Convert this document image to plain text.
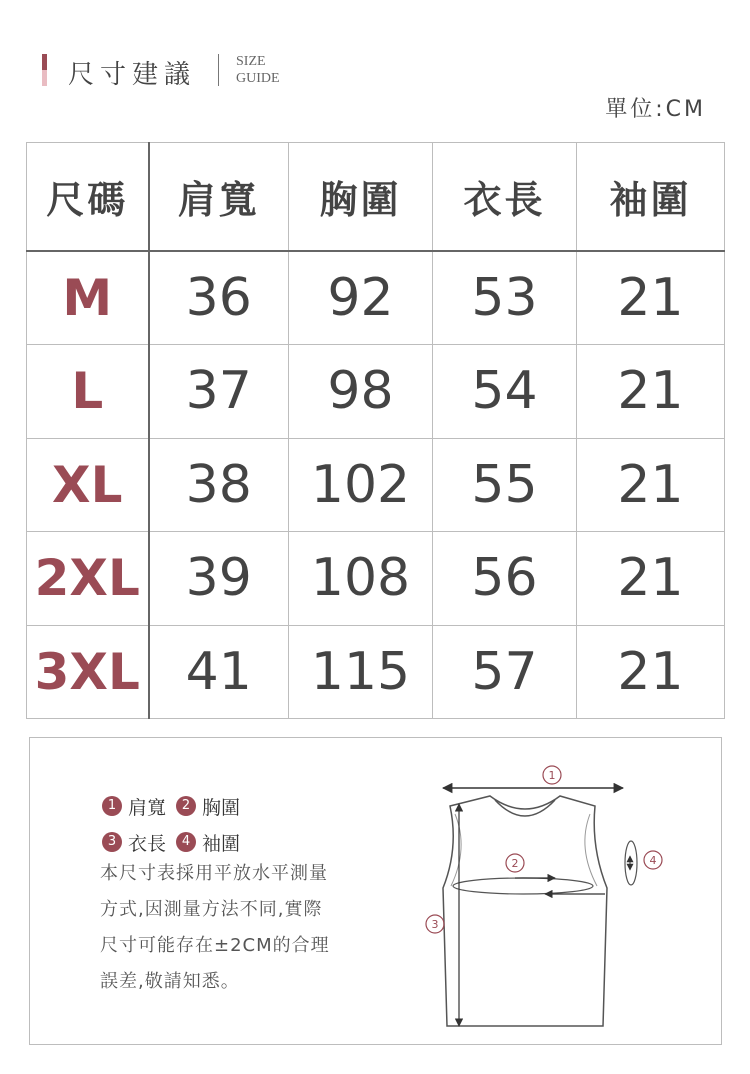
尺寸建議	SIZE
GUIDE
單位:CM
尺碼	肩寬	胸圍	衣長	袖圍
M	36	92	53	21
L	37	98	54	21
XL	38	102	55	21
2XL	39	108	56	21
3XL	41	115	57	21
1 肩寬	2 胸圍
3 衣長	4 袖圍
本尺寸表採用平放水平測量
方式,因測量方法不同,實際
尺寸可能存在±2CM的合理
誤差,敬請知悉。
1
2
3
4
